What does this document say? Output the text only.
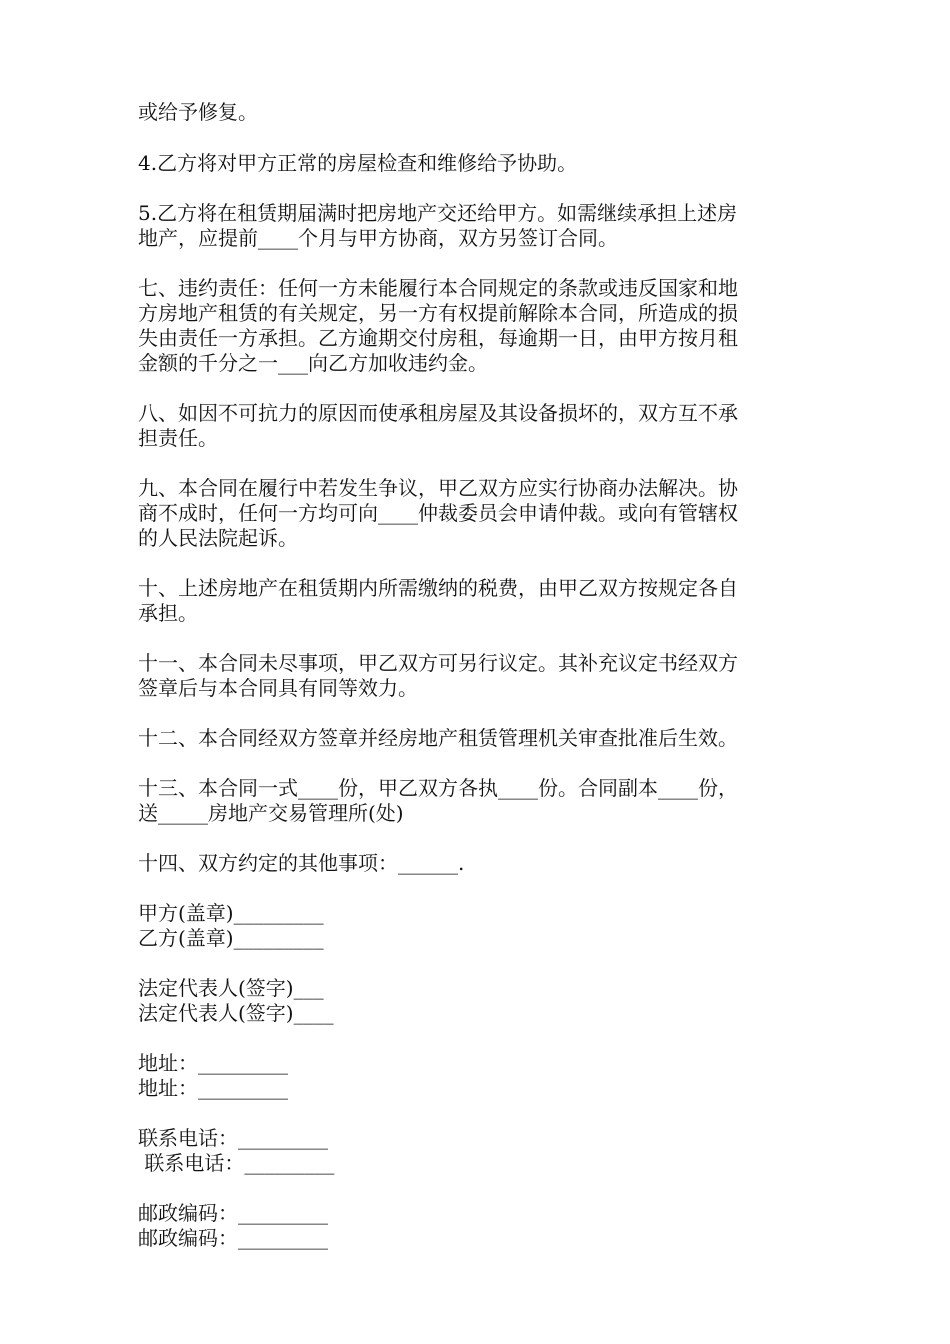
或给予修复。
4.乙方将对甲方正常的房屋检查和维修给予协助。
5.乙方将在租赁期届满时把房地产交还给甲方。如需继续承担上述房
地产，应提前____个月与甲方协商，双方另签订合同。
七、违约责任：任何一方未能履行本合同规定的条款或违反国家和地
方房地产租赁的有关规定，另一方有权提前解除本合同，所造成的损
失由责任一方承担。乙方逾期交付房租，每逾期一日，由甲方按月租
金额的千分之一___向乙方加收违约金。
八、如因不可抗力的原因而使承租房屋及其设备损坏的，双方互不承
担责任。
九、本合同在履行中若发生争议，甲乙双方应实行协商办法解决。协
商不成时，任何一方均可向____仲裁委员会申请仲裁。或向有管辖权
的人民法院起诉。
十、上述房地产在租赁期内所需缴纳的税费，由甲乙双方按规定各自
承担。
十一、本合同未尽事项，甲乙双方可另行议定。其补充议定书经双方
签章后与本合同具有同等效力。
十二、本合同经双方签章并经房地产租赁管理机关审查批准后生效。
十三、本合同一式____份，甲乙双方各执____份。合同副本____份，
送_____房地产交易管理所(处)
十四、双方约定的其他事项：______.
甲方(盖章)_________
乙方(盖章)_________
法定代表人(签字)___
法定代表人(签字)____
地址：_________
地址：_________
联系电话：_________
联系电话：_________
邮政编码：_________
邮政编码：_________
